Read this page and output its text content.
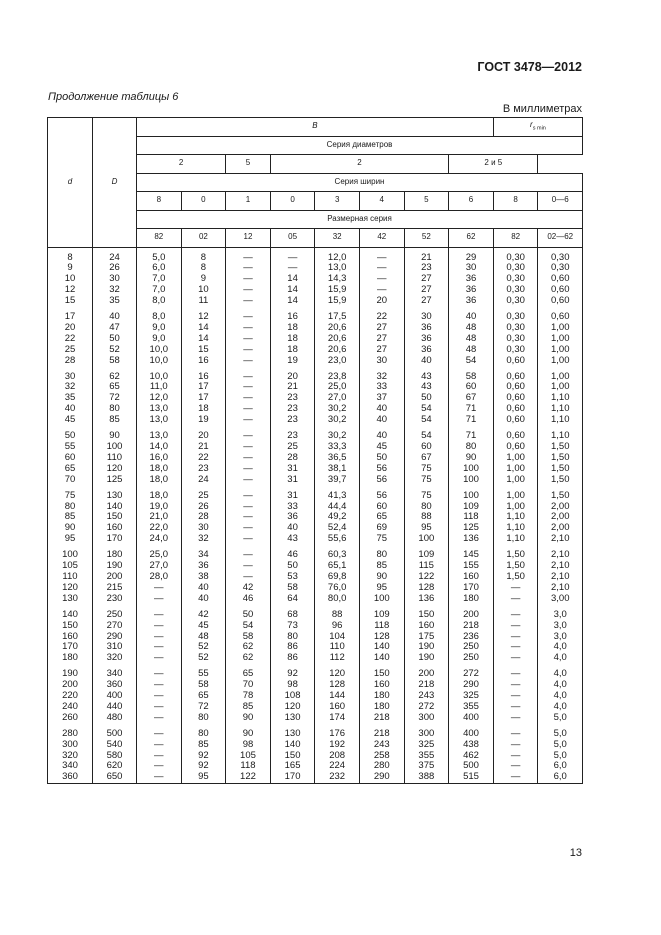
ГОСТ 3478—2012
Продолжение таблицы 6
В миллиметрах
d	D	B								$r_{s min}$
		Серия диаметров									
		2		5	2				2 и 5		
		Серия ширин									
		8	0	1	0	3	4	5	6	8	0—6
		Размерная серия									
		82	02	12	05	32	42	52	62	82	02—62
8	24	5,0	8	—	—	12,0	—	21	29	0,30	0,30
9	26	6,0	8	—	—	13,0	—	23	30	0,30	0,30
10	30	7,0	9	—	14	14,3	—	27	36	0,30	0,60
12	32	7,0	10	—	14	15,9	—	27	36	0,30	0,60
15	35	8,0	11	—	14	15,9	20	27	36	0,30	0,60
17	40	8,0	12	—	16	17,5	22	30	40	0,30	0,60
20	47	9,0	14	—	18	20,6	27	36	48	0,30	1,00
22	50	9,0	14	—	18	20,6	27	36	48	0,30	1,00
25	52	10,0	15	—	18	20,6	27	36	48	0,30	1,00
28	58	10,0	16	—	19	23,0	30	40	54	0,60	1,00
30	62	10,0	16	—	20	23,8	32	43	58	0,60	1,00
32	65	11,0	17	—	21	25,0	33	43	60	0,60	1,00
35	72	12,0	17	—	23	27,0	37	50	67	0,60	1,10
40	80	13,0	18	—	23	30,2	40	54	71	0,60	1,10
45	85	13,0	19	—	23	30,2	40	54	71	0,60	1,10
50	90	13,0	20	—	23	30,2	40	54	71	0,60	1,10
55	100	14,0	21	—	25	33,3	45	60	80	0,60	1,50
60	110	16,0	22	—	28	36,5	50	67	90	1,00	1,50
65	120	18,0	23	—	31	38,1	56	75	100	1,00	1,50
70	125	18,0	24	—	31	39,7	56	75	100	1,00	1,50
75	130	18,0	25	—	31	41,3	56	75	100	1,00	1,50
80	140	19,0	26	—	33	44,4	60	80	109	1,00	2,00
85	150	21,0	28	—	36	49,2	65	88	118	1,10	2,00
90	160	22,0	30	—	40	52,4	69	95	125	1,10	2,00
95	170	24,0	32	—	43	55,6	75	100	136	1,10	2,10
100	180	25,0	34	—	46	60,3	80	109	145	1,50	2,10
105	190	27,0	36	—	50	65,1	85	115	155	1,50	2,10
110	200	28,0	38	—	53	69,8	90	122	160	1,50	2,10
120	215	—	40	42	58	76,0	95	128	170	—	2,10
130	230	—	40	46	64	80,0	100	136	180	—	3,00
140	250	—	42	50	68	88	109	150	200	—	3,0
150	270	—	45	54	73	96	118	160	218	—	3,0
160	290	—	48	58	80	104	128	175	236	—	3,0
170	310	—	52	62	86	110	140	190	250	—	4,0
180	320	—	52	62	86	112	140	190	250	—	4,0
190	340	—	55	65	92	120	150	200	272	—	4,0
200	360	—	58	70	98	128	160	218	290	—	4,0
220	400	—	65	78	108	144	180	243	325	—	4,0
240	440	—	72	85	120	160	180	272	355	—	4,0
260	480	—	80	90	130	174	218	300	400	—	5,0
280	500	—	80	90	130	176	218	300	400	—	5,0
300	540	—	85	98	140	192	243	325	438	—	5,0
320	580	—	92	105	150	208	258	355	462	—	5,0
340	620	—	92	118	165	224	280	375	500	—	6,0
360	650	—	95	122	170	232	290	388	515	—	6,0
13
